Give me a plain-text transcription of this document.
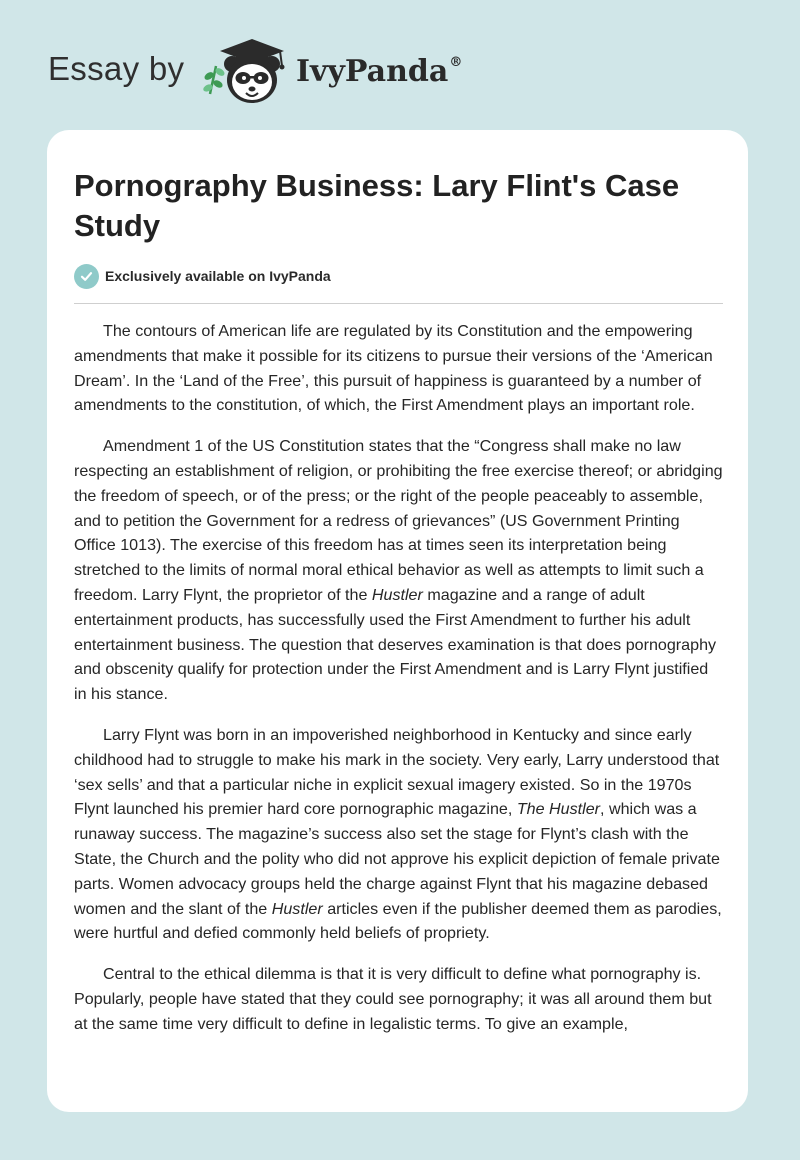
Essay by	IvyPanda®
Pornography Business: Lary Flint's Case Study
Exclusively available on IvyPanda

The contours of American life are regulated by its Constitution and the empowering amendments that make it possible for its citizens to pursue their versions of the ‘American Dream’. In the ‘Land of the Free’, this pursuit of happiness is guaranteed by a number of amendments to the constitution, of which, the First Amendment plays an important role.

Amendment 1 of the US Constitution states that the “Congress shall make no law respecting an establishment of religion, or prohibiting the free exercise thereof; or abridging the freedom of speech, or of the press; or the right of the people peaceably to assemble, and to petition the Government for a redress of grievances” (US Government Printing Office 1013). The exercise of this freedom has at times seen its interpretation being stretched to the limits of normal moral ethical behavior as well as attempts to limit such a freedom. Larry Flynt, the proprietor of the Hustler magazine and a range of adult entertainment products, has successfully used the First Amendment to further his adult entertainment business. The question that deserves examination is that does pornography and obscenity qualify for protection under the First Amendment and is Larry Flynt justified in his stance.

Larry Flynt was born in an impoverished neighborhood in Kentucky and since early childhood had to struggle to make his mark in the society. Very early, Larry understood that ‘sex sells’ and that a particular niche in explicit sexual imagery existed. So in the 1970s Flynt launched his premier hard core pornographic magazine, The Hustler, which was a runaway success. The magazine’s success also set the stage for Flynt’s clash with the State, the Church and the polity who did not approve his explicit depiction of female private parts. Women advocacy groups held the charge against Flynt that his magazine debased women and the slant of the Hustler articles even if the publisher deemed them as parodies, were hurtful and defied commonly held beliefs of propriety.

Central to the ethical dilemma is that it is very difficult to define what pornography is. Popularly, people have stated that they could see pornography; it was all around them but at the same time very difficult to define in legalistic terms. To give an example,
